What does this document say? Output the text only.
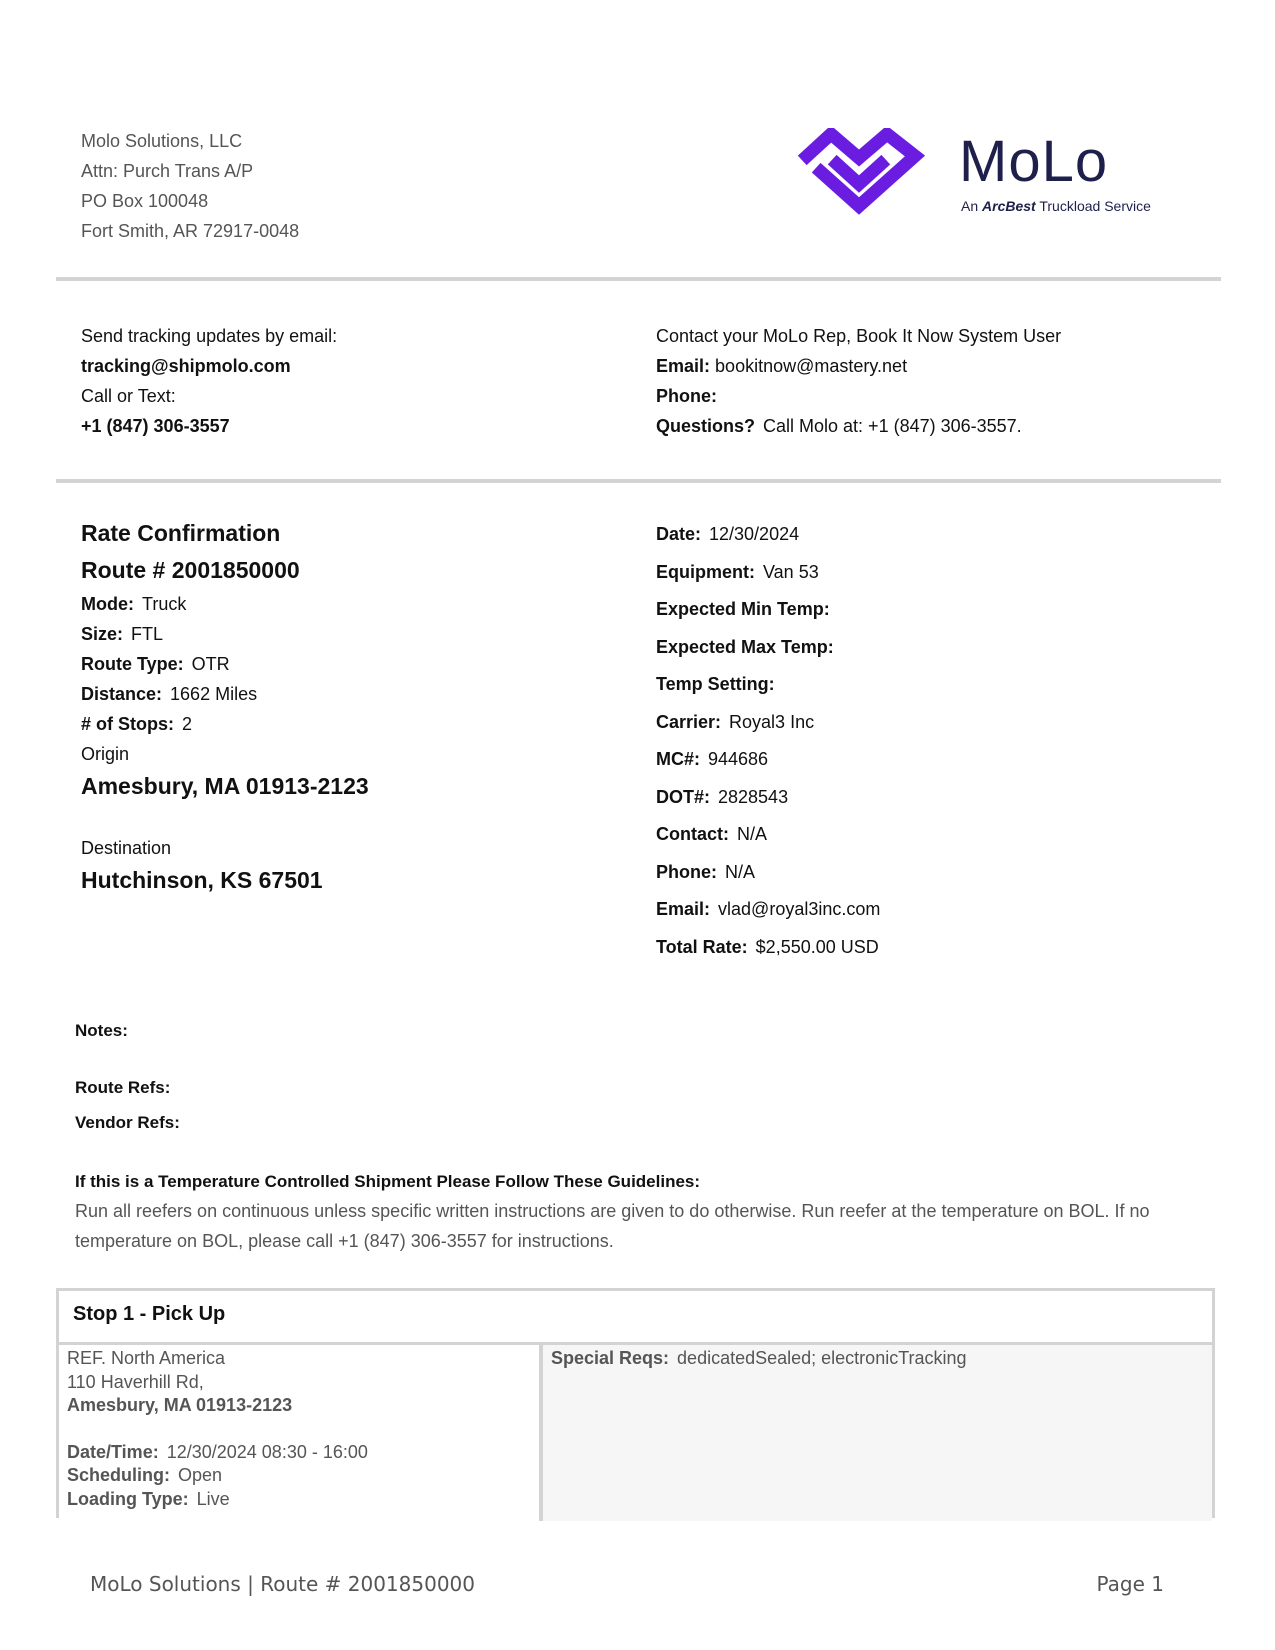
Molo Solutions, LLC
Attn: Purch Trans A/P
PO Box 100048
Fort Smith, AR 72917-0048
MoLo
An ArcBest Truckload Service
Send tracking updates by email:
tracking@shipmolo.com
Call or Text:
+1 (847) 306-3557
Contact your MoLo Rep, Book It Now System User
Email: bookitnow@mastery.net
Phone:
Questions? Call Molo at: +1 (847) 306-3557.
Rate Confirmation
Route # 2001850000
Mode: Truck
Size: FTL
Route Type: OTR
Distance: 1662 Miles
# of Stops: 2
Origin
Amesbury, MA 01913-2123
Destination
Hutchinson, KS 67501
Date: 12/30/2024
Equipment: Van 53
Expected Min Temp:
Expected Max Temp:
Temp Setting:
Carrier: Royal3 Inc
MC#: 944686
DOT#: 2828543
Contact: N/A
Phone: N/A
Email: vlad@royal3inc.com
Total Rate: $2,550.00 USD
Notes:
Route Refs:
Vendor Refs:
If this is a Temperature Controlled Shipment Please Follow These Guidelines:
Run all reefers on continuous unless specific written instructions are given to do otherwise. Run reefer at the temperature on BOL. If no temperature on BOL, please call +1 (847) 306-3557 for instructions.
Stop 1 - Pick Up
REF. North America
110 Haverhill Rd,
Amesbury, MA 01913-2123
Date/Time: 12/30/2024 08:30 - 16:00
Scheduling: Open
Loading Type: Live
Special Reqs: dedicatedSealed; electronicTracking
MoLo Solutions | Route # 2001850000	Page 1
